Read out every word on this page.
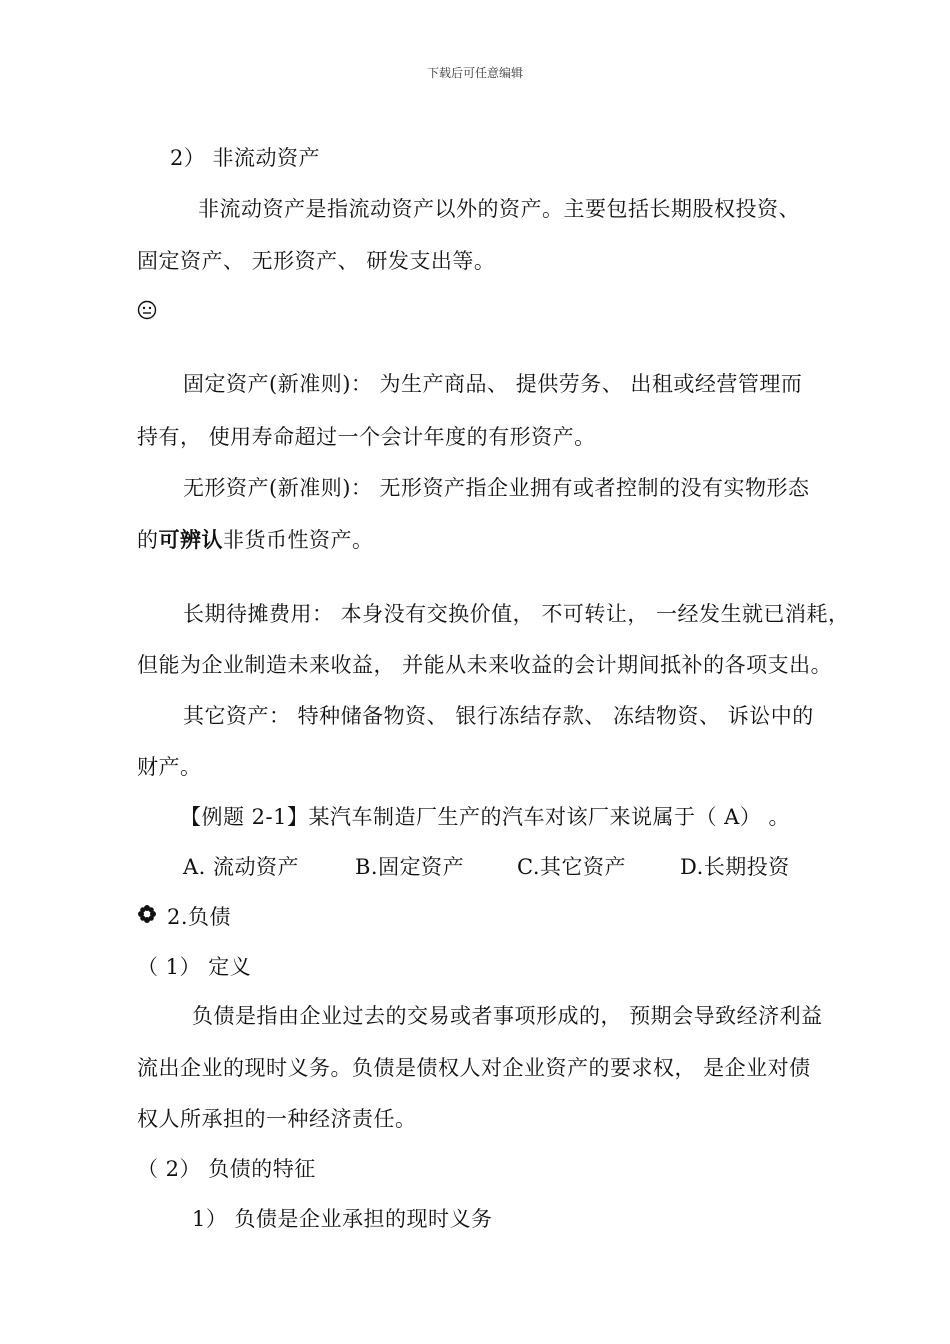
下载后可任意编辑
2） 非流动资产
非流动资产是指流动资产以外的资产。主要包括长期股权投资、
固定资产、 无形资产、 研发支出等。
固定资产(新准则)： 为生产商品、 提供劳务、 出租或经营管理而
持有， 使用寿命超过一个会计年度的有形资产。
无形资产(新准则)： 无形资产指企业拥有或者控制的没有实物形态
的可辨认非货币性资产。
长期待摊费用： 本身没有交换价值， 不可转让， 一经发生就已消耗，
但能为企业制造未来收益， 并能从未来收益的会计期间抵补的各项支出。
其它资产： 特种储备物资、 银行冻结存款、 冻结物资、 诉讼中的
财产。
【例题 2-1】某汽车制造厂生产的汽车对该厂来说属于（ A） 。
A. 流动资产	B.固定资产	C.其它资产	D.长期投资
2.负债
（ 1） 定义
负债是指由企业过去的交易或者事项形成的， 预期会导致经济利益
流出企业的现时义务。负债是债权人对企业资产的要求权， 是企业对债
权人所承担的一种经济责任。
（ 2） 负债的特征
1） 负债是企业承担的现时义务
